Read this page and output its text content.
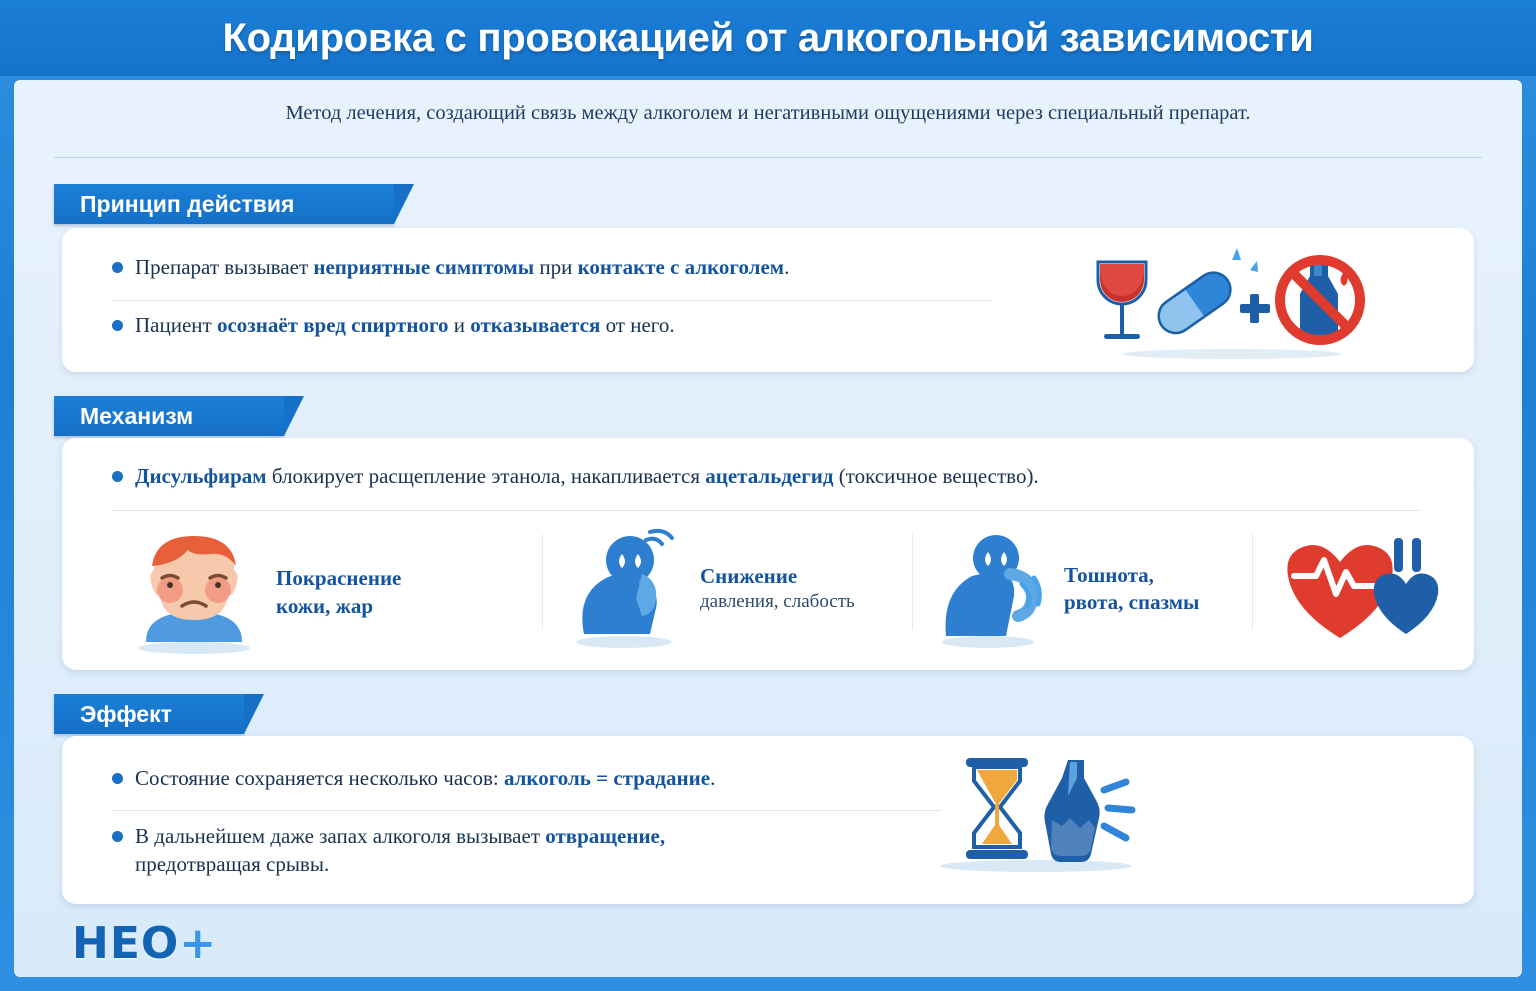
Кодировка с провокацией от алкогольной зависимости
Метод лечения, создающий связь между алкоголем и негативными ощущениями через специальный препарат.
Принцип действия
Препарат вызывает неприятные симптомы при контакте с алкоголем.
Пациент осознаёт вред спиртного и отказывается от него.
Механизм
Дисульфирам блокирует расщепление этанола, накапливается ацетальдегид (токсичное вещество).
Покраснение
кожи, жар
Снижение
давления, слабость
Тошнота,
рвота, спазмы
Эффект
Состояние сохраняется несколько часов: алкоголь = страдание.
В дальнейшем даже запах алкоголя вызывает отвращение,
предотвращая срывы.
НЕО+
